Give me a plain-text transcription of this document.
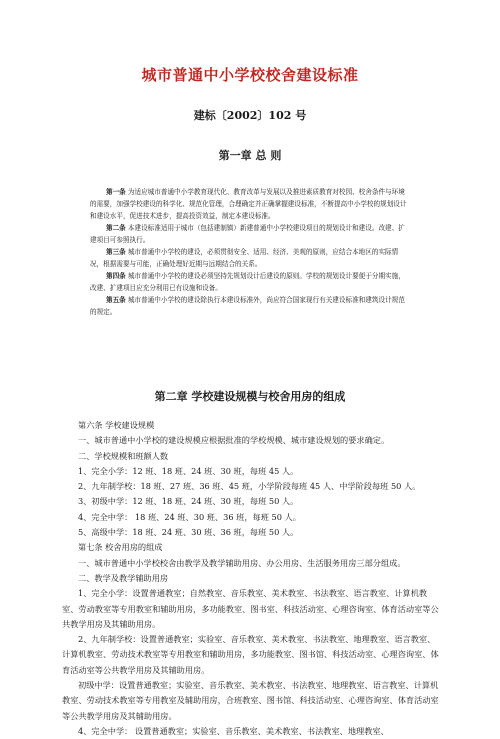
城市普通中小学校校舍建设标准
建标〔2002〕102 号
第一章 总 则

第一条 为适应城市普通中小学教育现代化、教育改革与发展以及推进素质教育对校园、校舍条件与环境的需要，加强学校建设的科学化、规范化管理，合理确定并正确掌握建设标准，不断提高中小学校的规划设计和建设水平，促进技术进步，提高投资效益，制定本建设标准。

第二条 本建设标准适用于城市（包括建制镇）新建普通中小学校建设项目的规划设计和建设。改建、扩建项目可参照执行。

第三条 城市普通中小学校的建设，必须贯彻安全、适用、经济、美观的原则，应结合本地区的实际情况，根据需要与可能，正确处理好近期与远期结合的关系。

第四条 城市普通中小学校的建设必须坚持先规划设计后建设的原则。学校的规划设计要便于分期实施，改建、扩建项目应充分利用已有设施和设备。

第五条 城市普通中小学校的建设除执行本建设标准外，尚应符合国家现行有关建设标准和建筑设计规范的规定。

第二章 学校建设规模与校舍用房的组成

第六条 学校建设规模

一、城市普通中小学校的建设规模应根据批准的学校规模、城市建设规划的要求确定。

二、学校规模和班额人数

1、完全小学：12 班、18 班、24 班、30 班，每班 45 人。

2、九年制学校：18 班、27 班、36 班、45 班，小学阶段每班 45 人、中学阶段每班 50 人。

3、初级中学：12 班、18 班、24 班、30 班，每班 50 人。

4、完全中学： 18 班、24 班、30 班、36 班，每班 50 人。

5、高级中学：18 班、24 班、30 班、36 班，每班 50 人。

第七条 校舍用房的组成

一、城市普通中小学校校舍由教学及教学辅助用房、办公用房、生活服务用房三部分组成。

二、教学及教学辅助用房

1、完全小学：设置普通教室；自然教室、音乐教室、美术教室、书法教室、语言教室、计算机教室、劳动教室等专用教室和辅助用房，多功能教室、图书室、科技活动室、心理咨询室、体育活动室等公共教学用房及其辅助用房。

2、九年制学校：设置普通教室；实验室、音乐教室、美术教室、书法教室、地理教室、语言教室、计算机教室、劳动技术教室等专用教室和辅助用房，多功能教室、图书馆、科技活动室、心理咨询室、体育活动室等公共教学用房及其辅助用房。

初级中学：设置普通教室；实验室、音乐教室、美术教室、书法教室、地理教室、语言教室、计算机教室、劳动技术教室等专用教室及辅助用房，合班教室、图书馆、科技活动室、心理咨询室、体育活动室等公共教学用房及其辅助用房。

4、完全中学： 设置普通教室；实验室、音乐教室、美术教室、书法教室、地理教室、
